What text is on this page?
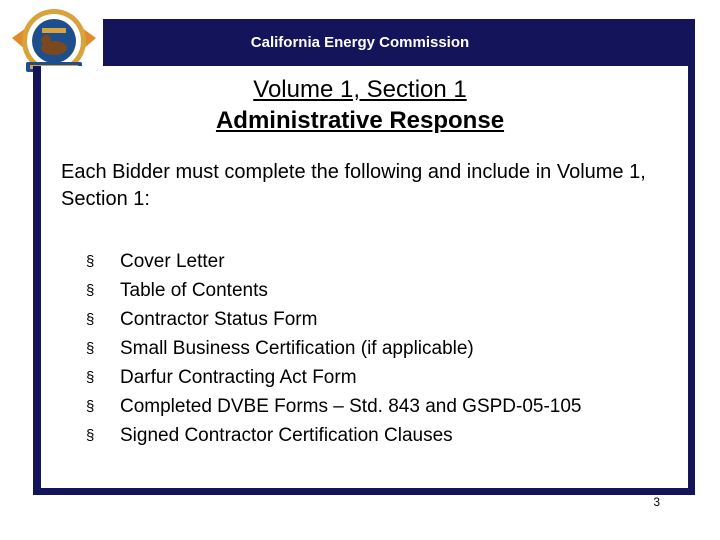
California Energy Commission
Volume 1, Section 1
Administrative Response
Each Bidder must complete the following and include in Volume 1, Section 1:
§	Cover Letter
§	Table of Contents
§	Contractor Status Form
§	Small Business Certification (if applicable)
§	Darfur Contracting Act Form
§	Completed DVBE Forms – Std. 843 and GSPD-05-105
§	Signed Contractor Certification Clauses
3
